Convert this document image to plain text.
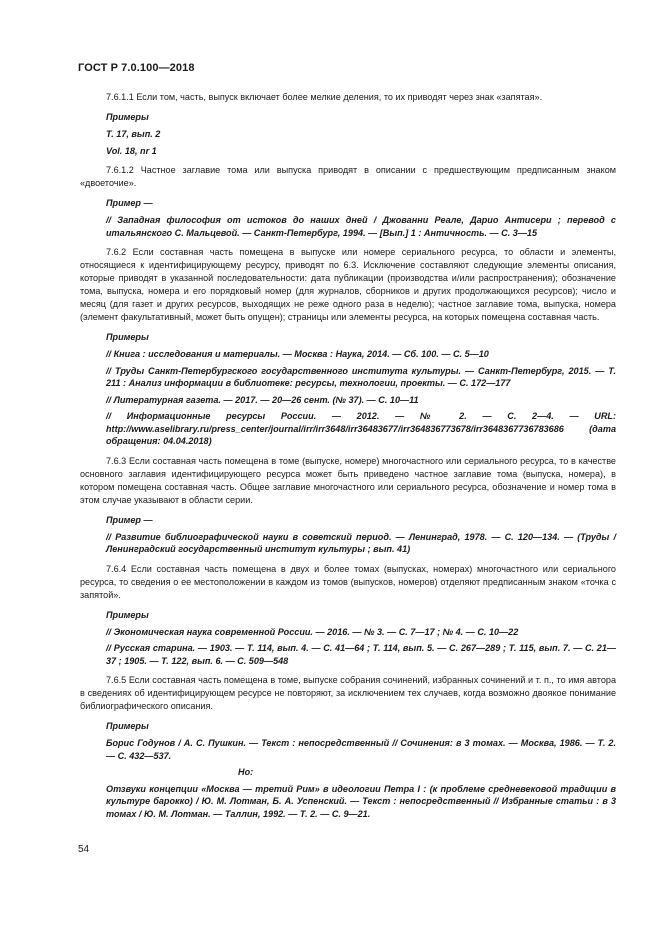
ГОСТ Р 7.0.100—2018

7.6.1.1 Если том, часть, выпуск включает более мелкие деления, то их приводят через знак «запятая».

Примеры
Т. 17, вып. 2
Vol. 18, nr 1

7.6.1.2 Частное заглавие тома или выпуска приводят в описании с предшествующим предписанным знаком «двоеточие».

Пример —
// Западная философия от истоков до наших дней / Джованни Реале, Дарио Антисери ; перевод с итальянского С. Мальцевой. — Санкт-Петербург, 1994. — [Вып.] 1 : Античность. — С. 3—15

7.6.2 Если составная часть помещена в выпуске или номере сериального ресурса, то области и элементы, относящиеся к идентифицирующему ресурсу, приводят по 6.3. Исключение составляют следующие элементы описания, которые приводят в указанной последовательности: дата публикации (производства и/или распространения); обозначение тома, выпуска, номера и его порядковый номер (для журналов, сборников и других продолжающихся ресурсов); число и месяц (для газет и других ресурсов, выходящих не реже одного раза в неделю); частное заглавие тома, выпуска, номера (элемент факультативный, может быть опущен); страницы или элементы ресурса, на которых помещена составная часть.

Примеры
// Книга : исследования и материалы. — Москва : Наука, 2014. — Сб. 100. — С. 5—10
// Труды Санкт-Петербургского государственного института культуры. — Санкт-Петербург, 2015. — Т. 211 : Анализ информации в библиотеке: ресурсы, технологии, проекты. — С. 172—177
// Литературная газета. — 2017. — 20—26 сент. (№ 37). — С. 10—11
// Информационные ресурсы России. — 2012. — № 2. — С. 2—4. — URL: http://www.aselibrary.ru/press_center/journal/irr/irr3648/irr36483677/irr364836773678/irr3648367736783686 (дата обращения: 04.04.2018)

7.6.3 Если составная часть помещена в томе (выпуске, номере) многочастного или сериального ресурса, то в качестве основного заглавия идентифицирующего ресурса может быть приведено частное заглавие тома (выпуска, номера), в котором помещена составная часть. Общее заглавие многочастного или сериального ресурса, обозначение и номер тома в этом случае указывают в области серии.

Пример —
// Развитие библиографической науки в советский период. — Ленинград, 1978. — С. 120—134. — (Труды / Ленинградский государственный институт культуры ; вып. 41)

7.6.4 Если составная часть помещена в двух и более томах (выпусках, номерах) многочастного или сериального ресурса, то сведения о ее местоположении в каждом из томов (выпусков, номеров) отделяют предписанным знаком «точка с запятой».

Примеры
// Экономическая наука современной России. — 2016. — № 3. — С. 7—17 ; № 4. — С. 10—22
// Русская старина. — 1903. — Т. 114, вып. 4. — С. 41—64 ; Т. 114, вып. 5. — С. 267—289 ; Т. 115, вып. 7. — С. 21—37 ; 1905. — Т. 122, вып. 6. — С. 509—548

7.6.5 Если составная часть помещена в томе, выпуске собрания сочинений, избранных сочинений и т. п., то имя автора в сведениях об идентифицирующем ресурсе не повторяют, за исключением тех случаев, когда возможно двоякое понимание библиографического описания.

Примеры
Борис Годунов / А. С. Пушкин. — Текст : непосредственный // Сочинения: в 3 томах. — Москва, 1986. — Т. 2. — С. 432—537.
Но:
Отзвуки концепции «Москва — третий Рим» в идеологии Петра I : (к проблеме средневековой традиции в культуре барокко) / Ю. М. Лотман, Б. А. Успенский. — Текст : непосредственный // Избранные статьи : в 3 томах / Ю. М. Лотман. — Таллин, 1992. — Т. 2. — С. 9—21.
54
